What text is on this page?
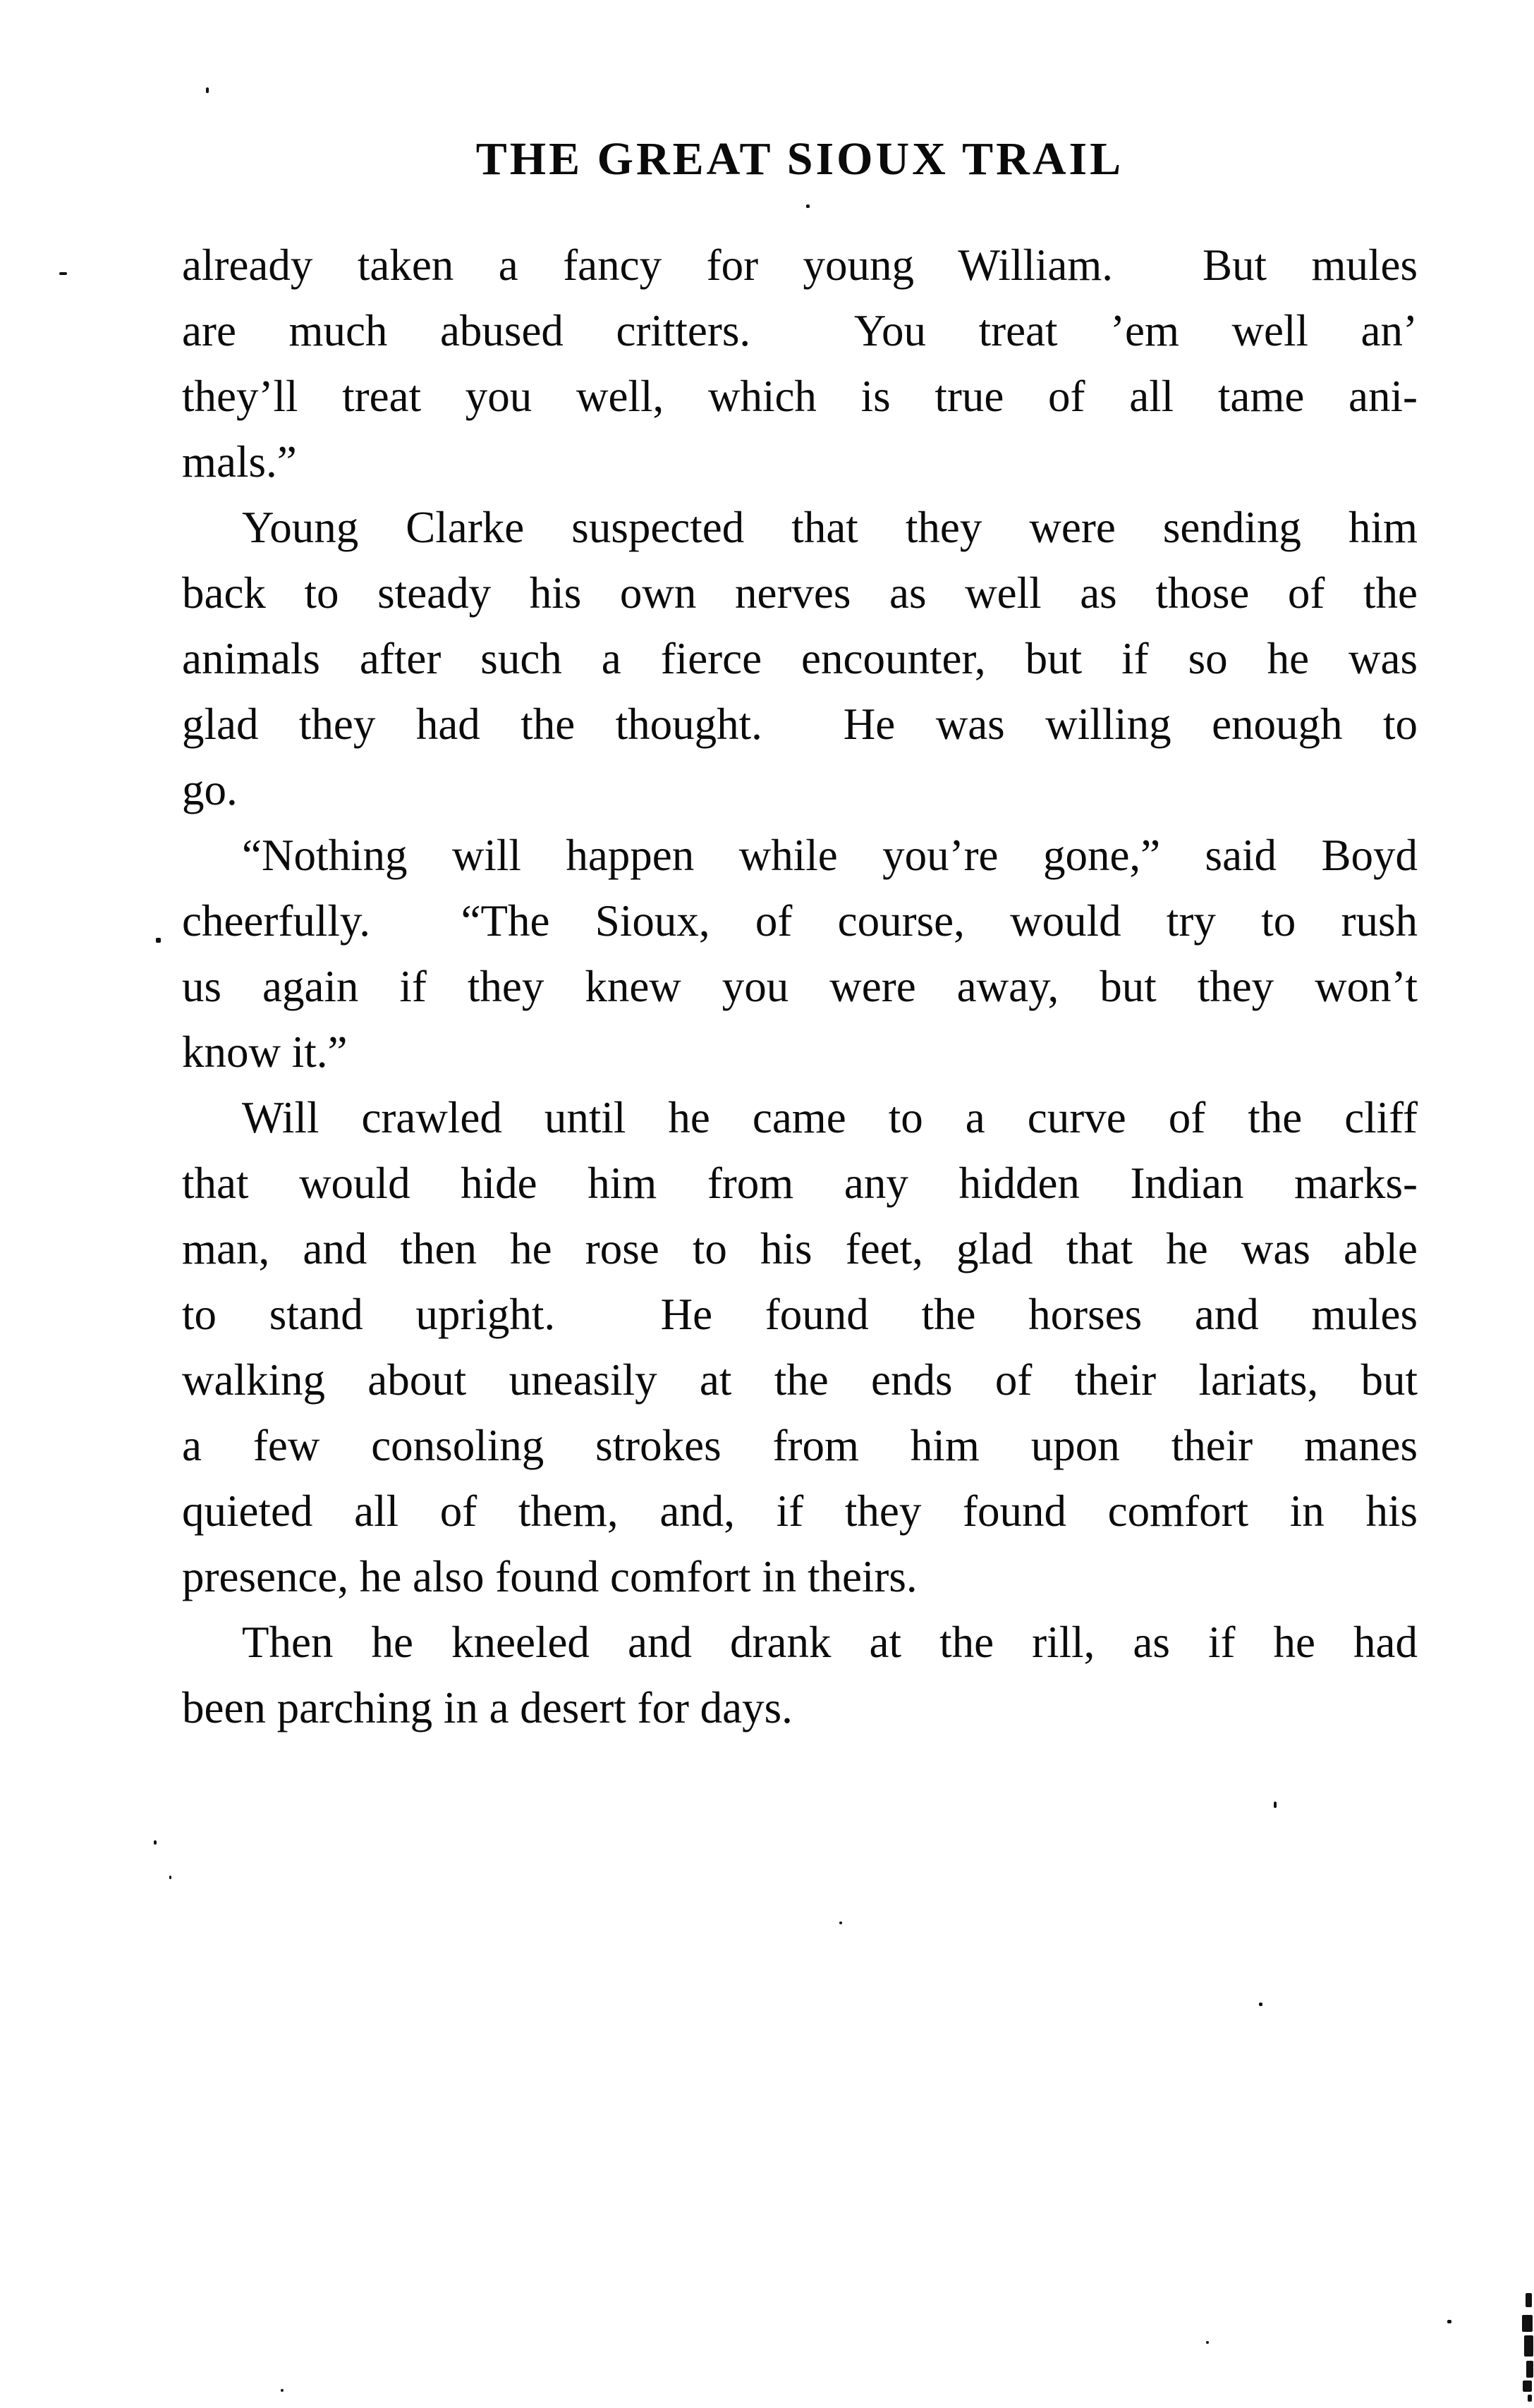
THE GREAT SIOUX TRAIL
already taken a fancy for young William.  But mules
are much abused critters.  You treat ’em well an’
they’ll treat you well, which is true of all tame ani-
mals.”
Young Clarke suspected that they were sending him
back to steady his own nerves as well as those of the
animals after such a fierce encounter, but if so he was
glad they had the thought.  He was willing enough to
go.
“Nothing will happen while you’re gone,” said Boyd
cheerfully.  “The Sioux, of course, would try to rush
us again if they knew you were away, but they won’t
know it.”
Will crawled until he came to a curve of the cliff
that would hide him from any hidden Indian marks-
man, and then he rose to his feet, glad that he was able
to stand upright.  He found the horses and mules
walking about uneasily at the ends of their lariats, but
a few consoling strokes from him upon their manes
quieted all of them, and, if they found comfort in his
presence, he also found comfort in theirs.
Then he kneeled and drank at the rill, as if he had
been parching in a desert for days.
